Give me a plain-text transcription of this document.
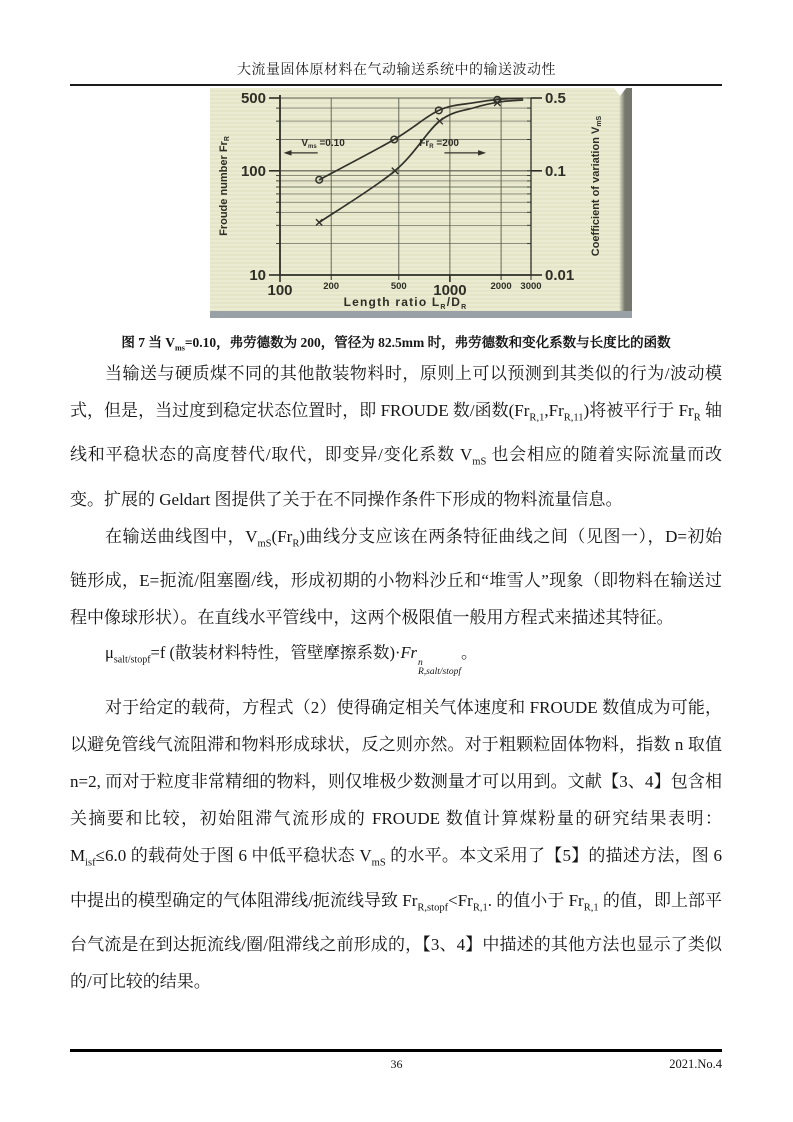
大流量固体原材料在气动输送系统中的输送波动性
500
100
10
0.5
0.1
0.01
100	200	500 1000	2000 3000
Froude number FrR	Coefficient of variation VmS
Length ratio $L_R/D_R$
$V_{ms} =0.10$	$Fr_R =200$
图 7 当 $V_{ms}=0.10$，弗劳德数为 200，管径为 82.5mm 时，弗劳德数和变化系数与长度比的函数

当输送与硬质煤不同的其他散装物料时，原则上可以预测到其类似的行为/波动模式，但是，当过度到稳定状态位置时，即 FROUDE 数/函数$(Fr_{R,1},Fr_{R,11})$将被平行于 $Fr_R$ 轴线和平稳状态的高度替代/取代，即变异/变化系数 $V_{mS}$ 也会相应的随着实际流量而改变。扩展的 Geldart 图提供了关于在不同操作条件下形成的物料流量信息。

在输送曲线图中，$V_{mS}(Fr_R)$曲线分支应该在两条特征曲线之间（见图一），D=初始链形成，E=扼流/阻塞圈/线，形成初期的小物料沙丘和“堆雪人”现象（即物料在输送过程中像球形状）。在直线水平管线中，这两个极限值一般用方程式来描述其特征。

$\mu_{salt/stopf}=f$ (散装材料特性，管壁摩擦系数)·Fr
n
R,salt/stopf
。

对于给定的载荷，方程式（2）使得确定相关气体速度和 FROUDE 数值成为可能，以避免管线气流阻滞和物料形成球状，反之则亦然。对于粗颗粒固体物料，指数 n 取值 n=2, 而对于粒度非常精细的物料，则仅堆极少数测量才可以用到。文献【3、4】包含相关摘要和比较，初始阻滞气流形成的 FROUDE 数值计算煤粉量的研究结果表明：$M_{isf}\le 6.0$ 的载荷处于图 6 中低平稳状态 $V_{mS}$ 的水平。本文采用了【5】的描述方法，图 6 中提出的模型确定的气体阻滞线/扼流线导致 $Fr_{R,stopf}<Fr_{R,1}$. 的值小于 $Fr_{R,1}$ 的值，即上部平台气流是在到达扼流线/圈/阻滞线之前形成的，【3、4】中描述的其他方法也显示了类似的/可比较的结果。

36	2021.No.4
